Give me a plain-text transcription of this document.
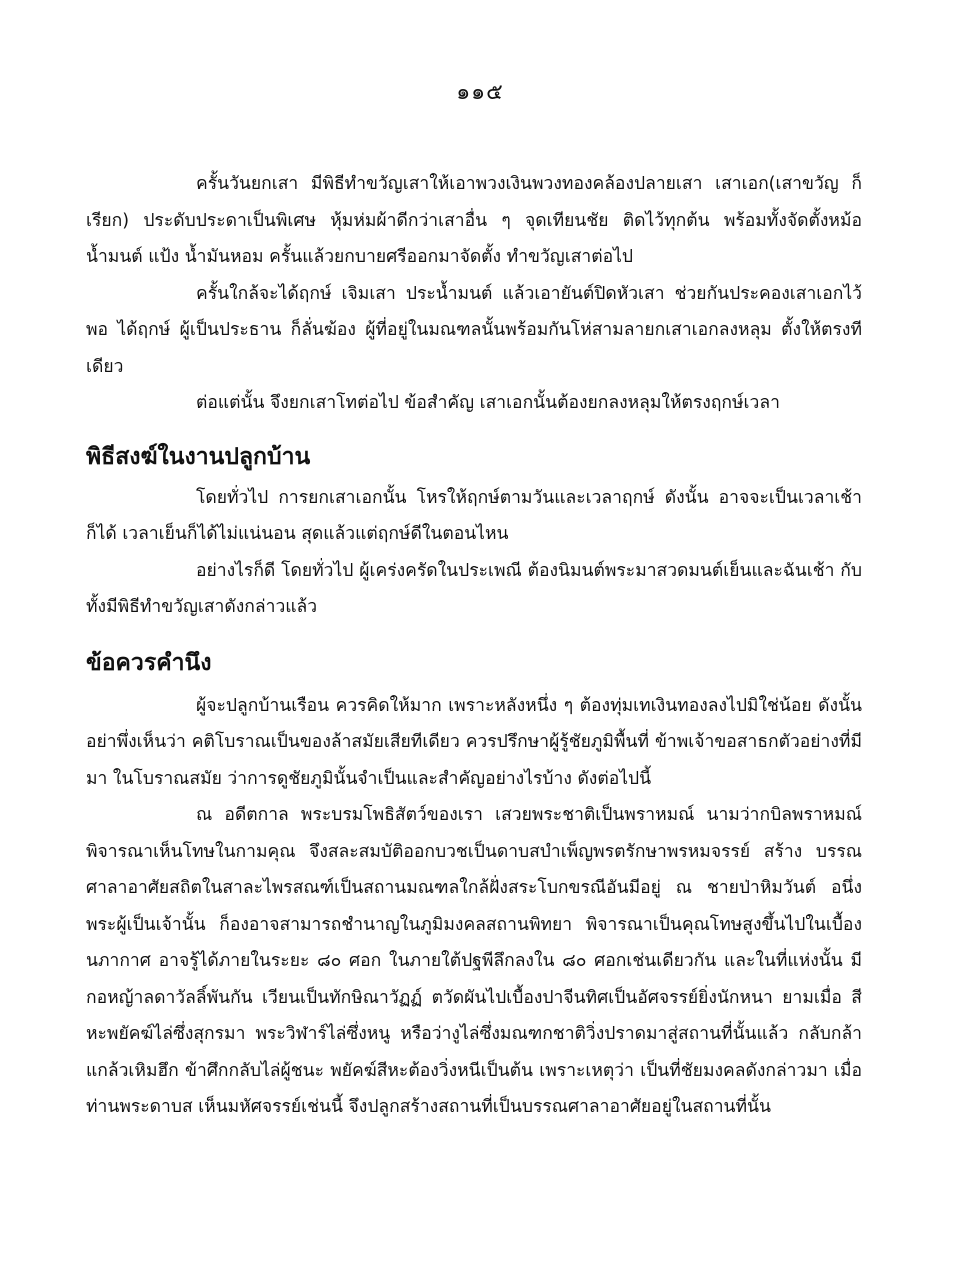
๑๑๕

ครั้นวันยกเสา มีพิธีทำขวัญเสาให้เอาพวงเงินพวงทองคล้องปลายเสา เสาเอก(เสาขวัญ ก็เรียก) ประดับประดาเป็นพิเศษ หุ้มห่มผ้าดีกว่าเสาอื่น ๆ จุดเทียนชัย ติดไว้ทุกต้น พร้อมทั้งจัดตั้งหม้อน้ำมนต์ แป้ง น้ำมันหอม ครั้นแล้วยกบายศรีออกมาจัดตั้ง ทำขวัญเสาต่อไป

ครั้นใกล้จะได้ฤกษ์ เจิมเสา ประน้ำมนต์ แล้วเอายันต์ปิดหัวเสา ช่วยกันประคองเสาเอกไว้ พอ ได้ฤกษ์ ผู้เป็นประธาน ก็ลั่นฆ้อง ผู้ที่อยู่ในมณฑลนั้นพร้อมกันโห่สามลายกเสาเอกลงหลุม ตั้งให้ตรงทีเดียว

ต่อแต่นั้น จึงยกเสาโทต่อไป ข้อสำคัญ เสาเอกนั้นต้องยกลงหลุมให้ตรงฤกษ์เวลา

พิธีสงฆ์ในงานปลูกบ้าน

โดยทั่วไป การยกเสาเอกนั้น โหรให้ฤกษ์ตามวันและเวลาฤกษ์ ดังนั้น อาจจะเป็นเวลาเช้าก็ได้ เวลาเย็นก็ได้ไม่แน่นอน สุดแล้วแต่ฤกษ์ดีในตอนไหน

อย่างไรก็ดี โดยทั่วไป ผู้เคร่งครัดในประเพณี ต้องนิมนต์พระมาสวดมนต์เย็นและฉันเช้า กับ ทั้งมีพิธีทำขวัญเสาดังกล่าวแล้ว

ข้อควรคำนึง

ผู้จะปลูกบ้านเรือน ควรคิดให้มาก เพราะหลังหนึ่ง ๆ ต้องทุ่มเทเงินทองลงไปมิใช่น้อย ดังนั้น อย่าพึ่งเห็นว่า คติโบราณเป็นของล้าสมัยเสียทีเดียว ควรปรึกษาผู้รู้ชัยภูมิพื้นที่ ข้าพเจ้าขอสาธกตัวอย่างที่มีมา ในโบราณสมัย ว่าการดูชัยภูมินั้นจำเป็นและสำคัญอย่างไรบ้าง ดังต่อไปนี้

ณ อดีตกาล พระบรมโพธิสัตว์ของเรา เสวยพระชาติเป็นพราหมณ์ นามว่ากบิลพราหมณ์ พิจารณาเห็นโทษในกามคุณ จึงสละสมบัติออกบวชเป็นดาบสบำเพ็ญพรตรักษาพรหมจรรย์ สร้าง บรรณศาลาอาศัยสถิตในสาละไพรสณฑ์เป็นสถานมณฑลใกล้ฝั่งสระโบกขรณีอันมีอยู่ ณ ชายป่าหิมวันต์ อนึ่งพระผู้เป็นเจ้านั้น ก็องอาจสามารถชำนาญในภูมิมงคลสถานพิทยา พิจารณาเป็นคุณโทษสูงขึ้นไปในเบื้อง นภากาศ อาจรู้ได้ภายในระยะ ๘๐ ศอก ในภายใต้ปฐพีลึกลงใน ๘๐ ศอกเช่นเดียวกัน และในที่แห่งนั้น มีกอหญ้าลดาวัลลิ์พันกัน เวียนเป็นทักษิณาวัฏฏ์ ตวัดผันไปเบื้องปาจีนทิศเป็นอัศจรรย์ยิ่งนักหนา ยามเมื่อ สีหะพยัคฆ์ไล่ซึ่งสุกรมา พระวิฬาร์ไล่ซึ่งหนู หรือว่างูไล่ซึ่งมณฑกชาติวิ่งปราดมาสู่สถานที่นั้นแล้ว กลับกล้า แกล้วเหิมฮึก ข้าศึกกลับไล่ผู้ชนะ พยัคฆ์สีหะต้องวิ่งหนีเป็นต้น เพราะเหตุว่า เป็นที่ชัยมงคลดังกล่าวมา เมื่อท่านพระดาบส เห็นมหัศจรรย์เช่นนี้ จึงปลูกสร้างสถานที่เป็นบรรณศาลาอาศัยอยู่ในสถานที่นั้น
